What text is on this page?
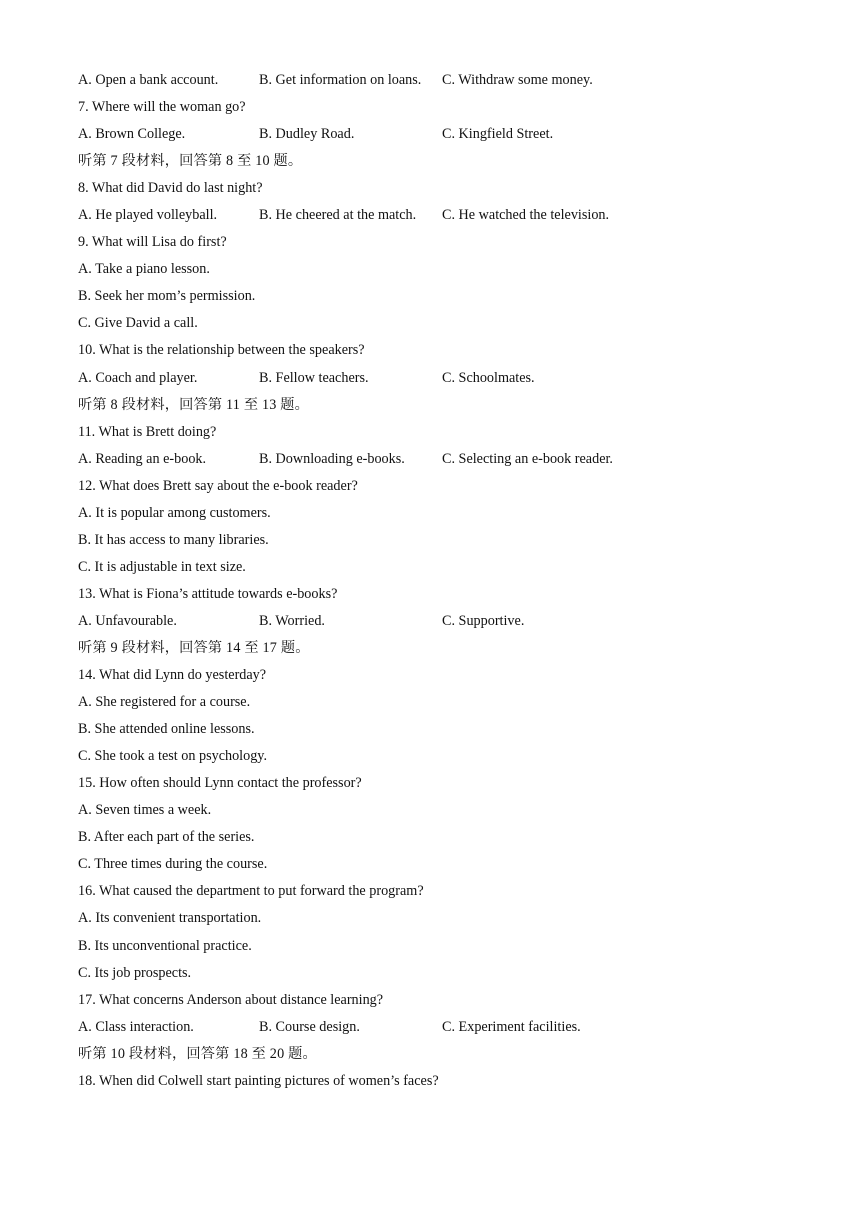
A. Open a bank account.	B. Get information on loans. C. Withdraw some money.
7. Where will the woman go?
A. Brown College.	B. Dudley Road.	C. Kingfield Street.
听第 7 段材料，回答第 8 至 10 题。
8. What did David do last night?
A. He played volleyball.	B. He cheered at the match. C. He watched the television.
9. What will Lisa do first?
A. Take a piano lesson.
B. Seek her mom’s permission.
C. Give David a call.
10. What is the relationship between the speakers?
A. Coach and player.	B. Fellow teachers.	C. Schoolmates.
听第 8 段材料，回答第 11 至 13 题。
11. What is Brett doing?
A. Reading an e-book.	B. Downloading e-books.	C. Selecting an e-book reader.
12. What does Brett say about the e-book reader?
A. It is popular among customers.
B. It has access to many libraries.
C. It is adjustable in text size.
13. What is Fiona’s attitude towards e-books?
A. Unfavourable.	B. Worried.	C. Supportive.
听第 9 段材料，回答第 14 至 17 题。
14. What did Lynn do yesterday?
A. She registered for a course.
B. She attended online lessons.
C. She took a test on psychology.
15. How often should Lynn contact the professor?
A. Seven times a week.
B. After each part of the series.
C. Three times during the course.
16. What caused the department to put forward the program?
A. Its convenient transportation.
B. Its unconventional practice.
C. Its job prospects.
17. What concerns Anderson about distance learning?
A. Class interaction.	B. Course design.	C. Experiment facilities.
听第 10 段材料，回答第 18 至 20 题。
18. When did Colwell start painting pictures of women’s faces?
